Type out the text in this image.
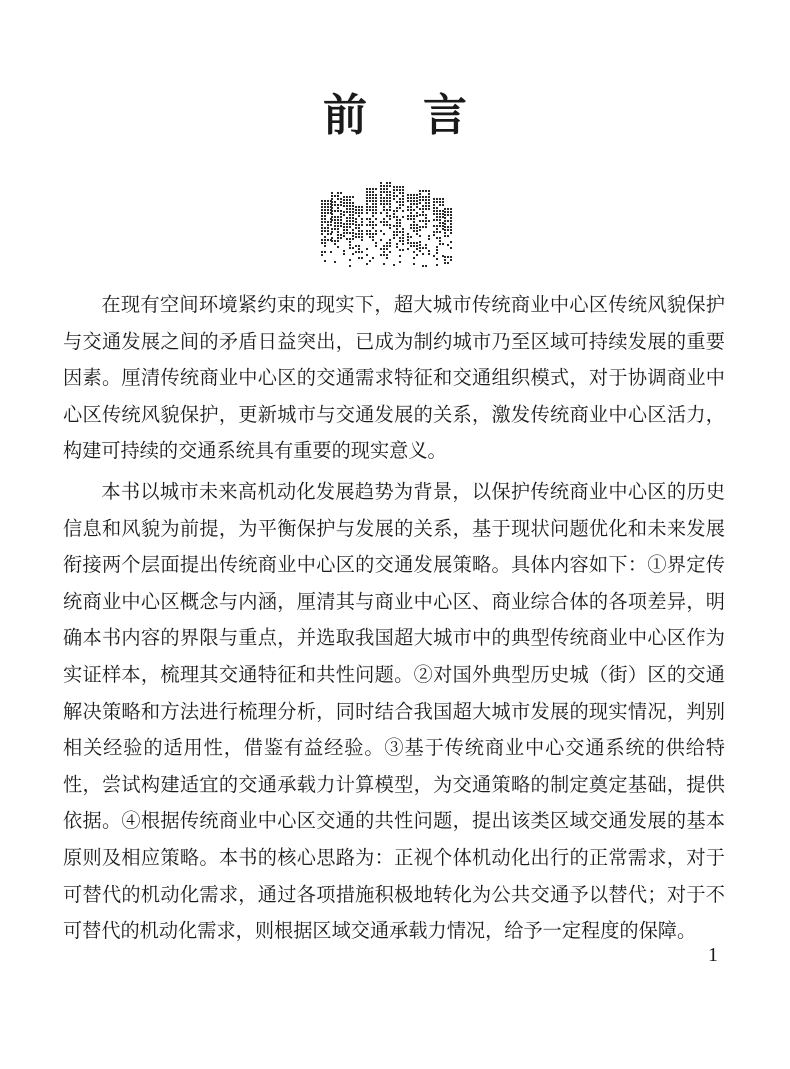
前言

在现有空间环境紧约束的现实下，超大城市传统商业中心区传统风貌保护与交通发展之间的矛盾日益突出，已成为制约城市乃至区域可持续发展的重要因素。厘清传统商业中心区的交通需求特征和交通组织模式，对于协调商业中心区传统风貌保护，更新城市与交通发展的关系，激发传统商业中心区活力，构建可持续的交通系统具有重要的现实意义。

本书以城市未来高机动化发展趋势为背景，以保护传统商业中心区的历史信息和风貌为前提，为平衡保护与发展的关系，基于现状问题优化和未来发展衔接两个层面提出传统商业中心区的交通发展策略。具体内容如下：①界定传统商业中心区概念与内涵，厘清其与商业中心区、商业综合体的各项差异，明确本书内容的界限与重点，并选取我国超大城市中的典型传统商业中心区作为实证样本，梳理其交通特征和共性问题。②对国外典型历史城（街）区的交通解决策略和方法进行梳理分析，同时结合我国超大城市发展的现实情况，判别相关经验的适用性，借鉴有益经验。③基于传统商业中心交通系统的供给特性，尝试构建适宜的交通承载力计算模型，为交通策略的制定奠定基础，提供依据。④根据传统商业中心区交通的共性问题，提出该类区域交通发展的基本原则及相应策略。本书的核心思路为：正视个体机动化出行的正常需求，对于可替代的机动化需求，通过各项措施积极地转化为公共交通予以替代；对于不可替代的机动化需求，则根据区域交通承载力情况，给予一定程度的保障。

1
